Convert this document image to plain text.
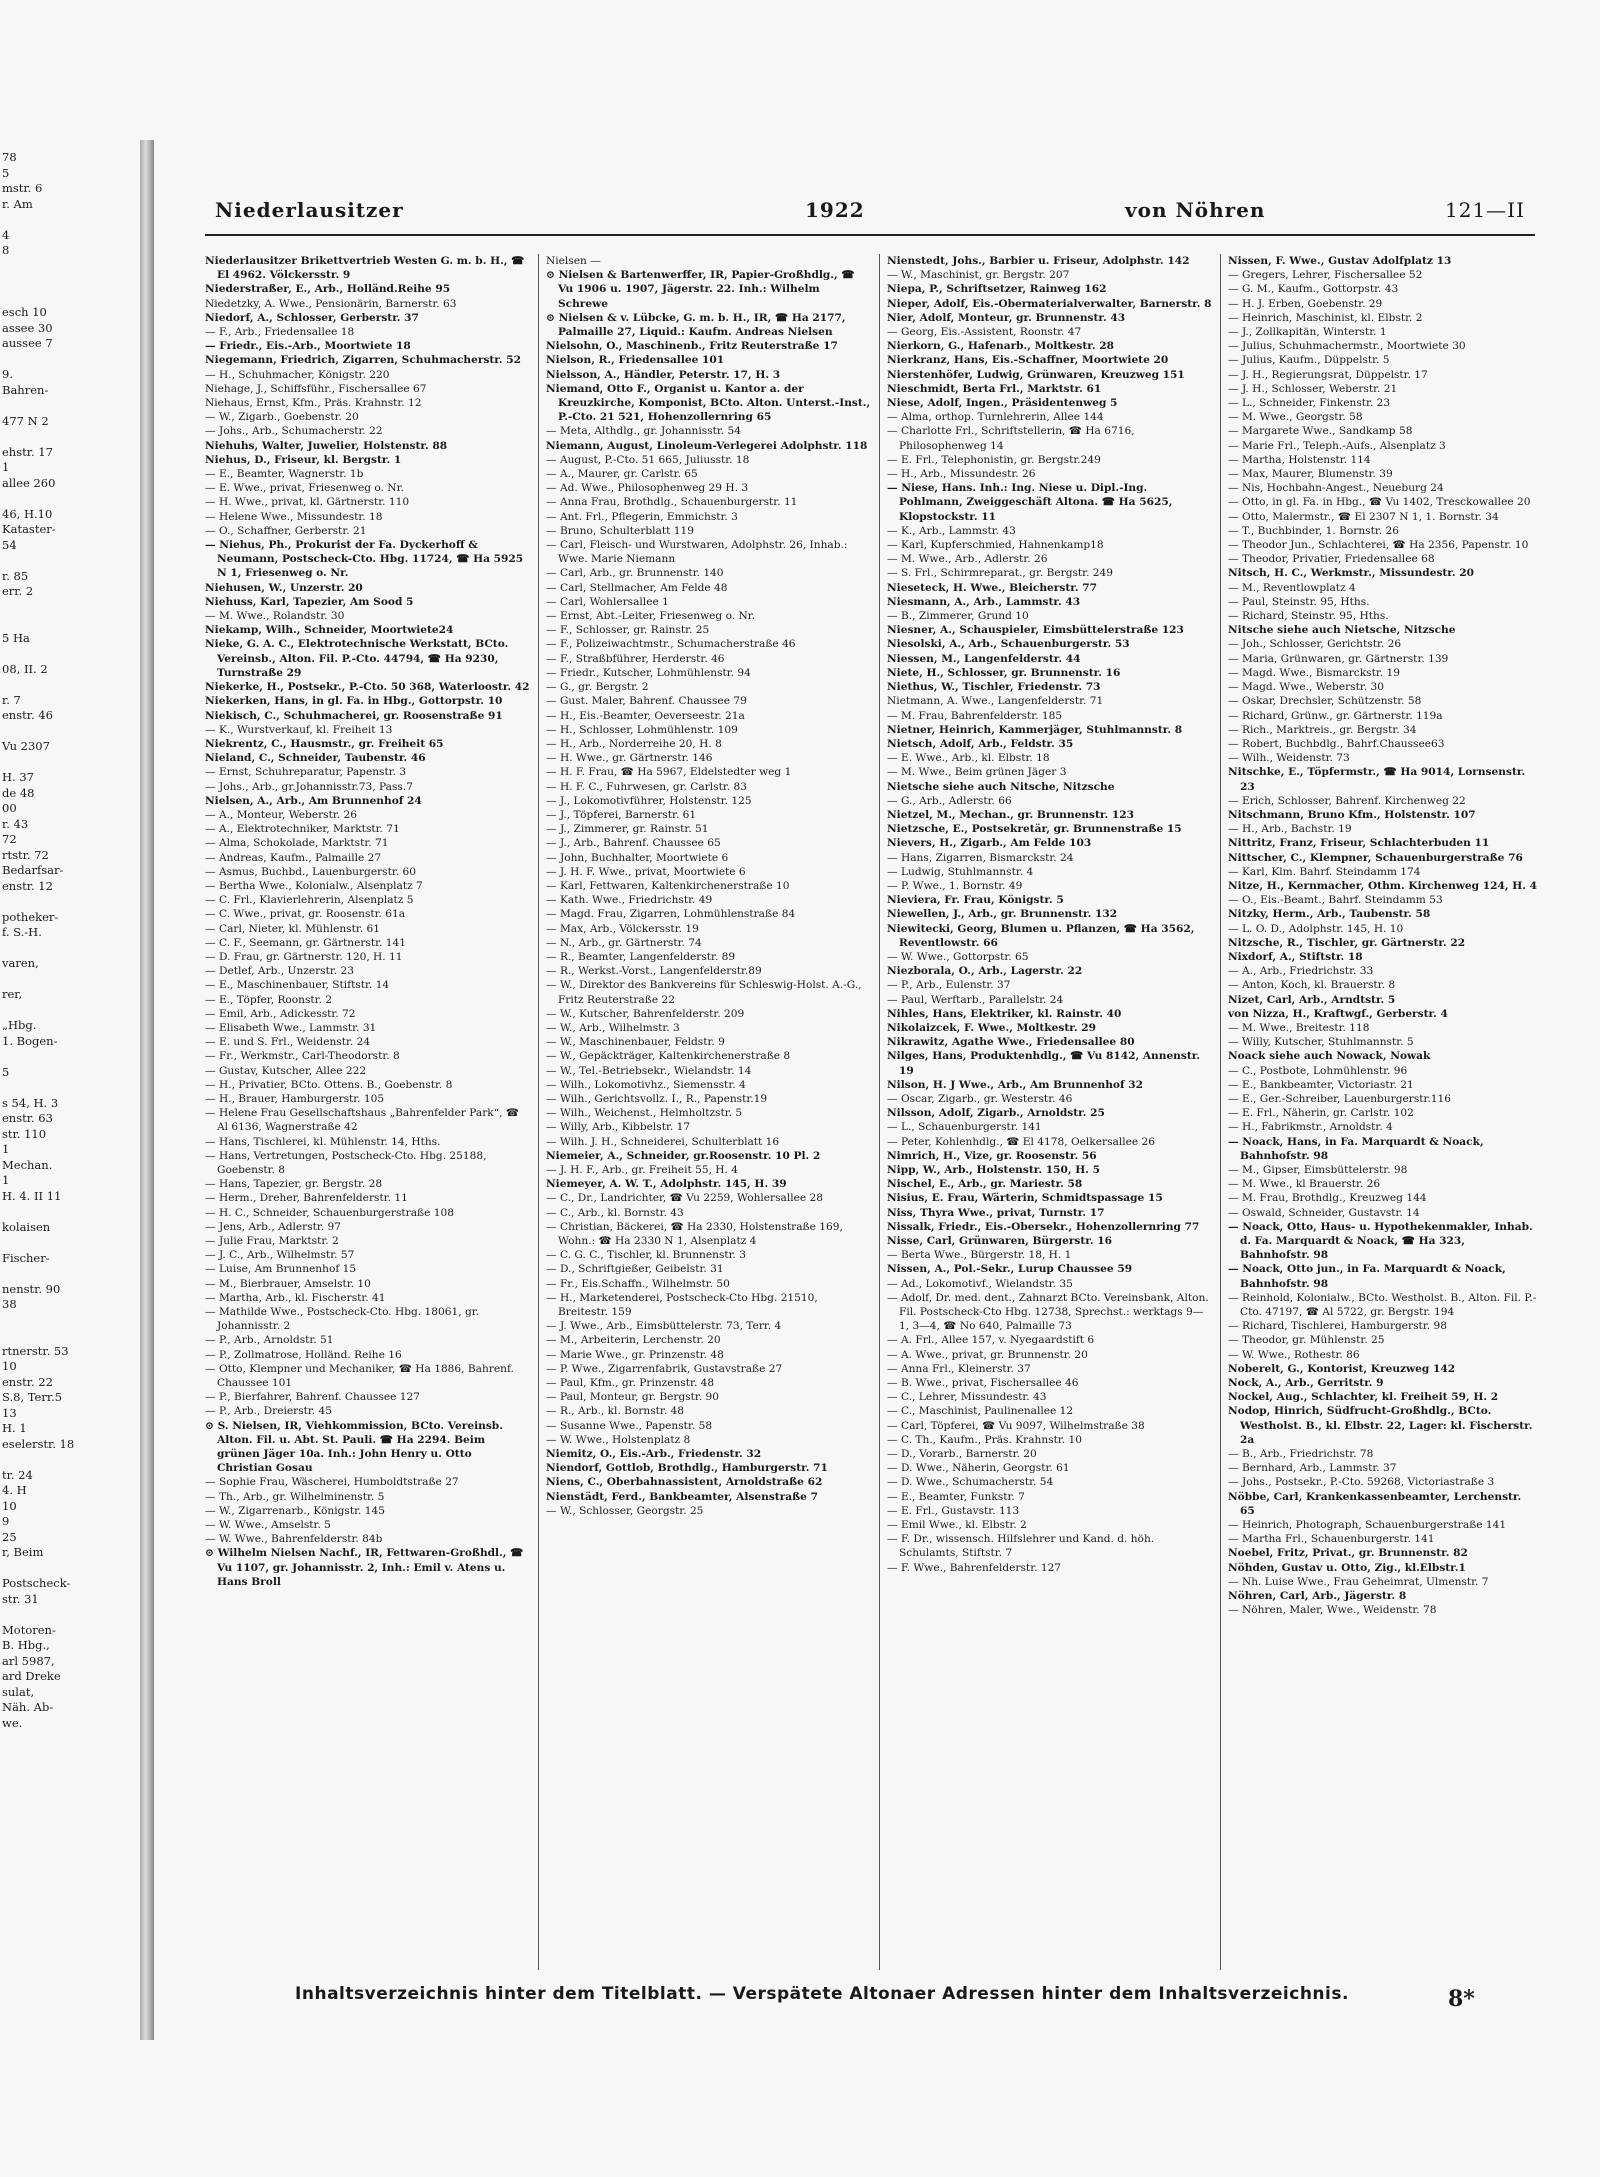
78
5
mstr. 6
r. Am

4
8

esch 10
assee 30
aussee 7

9.
Bahren-

477 N 2

ehstr. 17
1
allee 260

46, H.10
Kataster-
54

r. 85
err. 2

5 Ha

08, II. 2

r. 7
enstr. 46

Vu 2307

H. 37
de 48
00
r. 43
72
rtstr. 72
Bedarfsar-
enstr. 12

potheker-
f. S.-H.

varen,

rer,

„Hbg.
1. Bogen-

5

s 54, H. 3
enstr. 63
str. 110
1
Mechan.
1
H. 4. II 11

kolaisen

Fischer-

nenstr. 90
38

rtnerstr. 53
10
enstr. 22
S.8, Terr.5
13
H. 1
eselerstr. 18

tr. 24
4. H
10
9
25
r, Beim

Postscheck-
str. 31

Motoren-
B. Hbg.,
arl 5987,
ard Dreke
sulat,
Näh. Ab-
we.
Niederlausitzer	1922	von Nöhren	121—II
Niederlausitzer Brikettvertrieb Westen G. m. b. H., ☎ El 4962. Völckersstr. 9
Niederstraßer, E., Arb., Holländ.Reihe 95
Niedetzky, A. Wwe., Pensionärin, Barnerstr. 63
Niedorf, A., Schlosser, Gerberstr. 37
— F., Arb., Friedensallee 18
— Friedr., Eis.-Arb., Moortwiete 18
Niegemann, Friedrich, Zigarren, Schuhmacherstr. 52
— H., Schuhmacher, Königstr. 220
Niehage, J., Schiffsführ., Fischersallee 67
Niehaus, Ernst, Kfm., Präs. Krahnstr. 12
— W., Zigarb., Goebenstr. 20
— Johs., Arb., Schumacherstr. 22
Niehuhs, Walter, Juwelier, Holstenstr. 88
Niehus, D., Friseur, kl. Bergstr. 1
— E., Beamter, Wagnerstr. 1b
— E. Wwe., privat, Friesenweg o. Nr.
— H. Wwe., privat, kl. Gärtnerstr. 110
— Helene Wwe., Missundestr. 18
— O., Schaffner, Gerberstr. 21
— Niehus, Ph., Prokurist der Fa. Dyckerhoff & Neumann, Postscheck-Cto. Hbg. 11724, ☎ Ha 5925 N 1, Friesenweg o. Nr.
Niehusen, W., Unzerstr. 20
Niehuss, Karl, Tapezier, Am Sood 5
— M. Wwe., Rolandstr. 30
Niekamp, Wilh., Schneider, Moortwiete24
Nieke, G. A. C., Elektrotechnische Werkstatt, BCto. Vereinsb., Alton. Fil. P.-Cto. 44794, ☎ Ha 9230, Turnstraße 29
Niekerke, H., Postsekr., P.-Cto. 50 368, Waterloostr. 42
Niekerken, Hans, in gl. Fa. in Hbg., Gottorpstr. 10
Niekisch, C., Schuhmacherei, gr. Roosenstraße 91
— K., Wurstverkauf, kl. Freiheit 13
Niekrentz, C., Hausmstr., gr. Freiheit 65
Nieland, C., Schneider, Taubenstr. 46
— Ernst, Schuhreparatur, Papenstr. 3
— Johs., Arb., gr.Johannisstr.73, Pass.7
Nielsen, A., Arb., Am Brunnenhof 24
— A., Monteur, Weberstr. 26
— A., Elektrotechniker, Marktstr. 71
— Alma, Schokolade, Marktstr. 71
— Andreas, Kaufm., Palmaille 27
— Asmus, Buchbd., Lauenburgerstr. 60
— Bertha Wwe., Kolonialw., Alsenplatz 7
— C. Frl., Klavierlehrerin, Alsenplatz 5
— C. Wwe., privat, gr. Roosenstr. 61a
— Carl, Nieter, kl. Mühlenstr. 61
— C. F., Seemann, gr. Gärtnerstr. 141
— D. Frau, gr. Gärtnerstr. 120, H. 11
— Detlef, Arb., Unzerstr. 23
— E., Maschinenbauer, Stiftstr. 14
— E., Töpfer, Roonstr. 2
— Emil, Arb., Adickesstr. 72
— Elisabeth Wwe., Lammstr. 31
— E. und S. Frl., Weidenstr. 24
— Fr., Werkmstr., Carl-Theodorstr. 8
— Gustav, Kutscher, Allee 222
— H., Privatier, BCto. Ottens. B., Goebenstr. 8
— H., Brauer, Hamburgerstr. 105
— Helene Frau Gesellschaftshaus „Bahrenfelder Park“, ☎ Al 6136, Wagnerstraße 42
— Hans, Tischlerei, kl. Mühlenstr. 14, Hths.
— Hans, Vertretungen, Postscheck-Cto. Hbg. 25188, Goebenstr. 8
— Hans, Tapezier, gr. Bergstr. 28
— Herm., Dreher, Bahrenfelderstr. 11
— H. C., Schneider, Schauenburgerstraße 108
— Jens, Arb., Adlerstr. 97
— Julie Frau, Marktstr. 2
— J. C., Arb., Wilhelmstr. 57
— Luise, Am Brunnenhof 15
— M., Bierbrauer, Amselstr. 10
— Martha, Arb., kl. Fischerstr. 41
— Mathilde Wwe., Postscheck-Cto. Hbg. 18061, gr. Johannisstr. 2
— P., Arb., Arnoldstr. 51
— P., Zollmatrose, Holländ. Reihe 16
— Otto, Klempner und Mechaniker, ☎ Ha 1886, Bahrenf. Chaussee 101
— P., Bierfahrer, Bahrenf. Chaussee 127
— P., Arb., Dreierstr. 45
⊙ S. Nielsen, IR, Viehkommission, BCto. Vereinsb. Alton. Fil. u. Abt. St. Pauli. ☎ Ha 2294. Beim grünen Jäger 10a. Inh.: John Henry u. Otto Christian Gosau
— Sophie Frau, Wäscherei, Humboldtstraße 27
— Th., Arb., gr. Wilhelminenstr. 5
— W., Zigarrenarb., Königstr. 145
— W. Wwe., Amselstr. 5
— W. Wwe., Bahrenfelderstr. 84b
⊙ Wilhelm Nielsen Nachf., IR, Fettwaren-Großhdl., ☎ Vu 1107, gr. Johannisstr. 2, Inh.: Emil v. Atens u. Hans Broll
Nielsen —
⊙ Nielsen & Bartenwerffer, IR, Papier-Großhdlg., ☎ Vu 1906 u. 1907, Jägerstr. 22. Inh.: Wilhelm Schrewe
⊙ Nielsen & v. Lübcke, G. m. b. H., IR, ☎ Ha 2177, Palmaille 27, Liquid.: Kaufm. Andreas Nielsen
Nielsohn, O., Maschinenb., Fritz Reuterstraße 17
Nielson, R., Friedensallee 101
Nielsson, A., Händler, Peterstr. 17, H. 3
Niemand, Otto F., Organist u. Kantor a. der Kreuzkirche, Komponist, BCto. Alton. Unterst.-Inst., P.-Cto. 21 521, Hohenzollernring 65
— Meta, Althdlg., gr. Johannisstr. 54
Niemann, August, Linoleum-Verlegerei Adolphstr. 118
— August, P.-Cto. 51 665, Juliusstr. 18
— A., Maurer, gr. Carlstr. 65
— Ad. Wwe., Philosophenweg 29 H. 3
— Anna Frau, Brothdlg., Schauenburgerstr. 11
— Ant. Frl., Pflegerin, Emmichstr. 3
— Bruno, Schulterblatt 119
— Carl, Fleisch- und Wurstwaren, Adolphstr. 26, Inhab.: Wwe. Marie Niemann
— Carl, Arb., gr. Brunnenstr. 140
— Carl, Stellmacher, Am Felde 48
— Carl, Wohlersallee 1
— Ernst, Abt.-Leiter, Friesenweg o. Nr.
— F., Schlosser, gr. Rainstr. 25
— F., Polizeiwachtmstr., Schumacherstraße 46
— F., Straßbführer, Herderstr. 46
— Friedr., Kutscher, Lohmühlenstr. 94
— G., gr. Bergstr. 2
— Gust. Maler, Bahrenf. Chaussee 79
— H., Eis.-Beamter, Oeverseestr. 21a
— H., Schlosser, Lohmühlenstr. 109
— H., Arb., Norderreihe 20, H. 8
— H. Wwe., gr. Gärtnerstr. 146
— H. F. Frau, ☎ Ha 5967, Eldelstedter weg 1
— H. F. C., Fuhrwesen, gr. Carlstr. 83
— J., Lokomotivführer, Holstenstr. 125
— J., Töpferei, Barnerstr. 61
— J., Zimmerer, gr. Rainstr. 51
— J., Arb., Bahrenf. Chaussee 65
— John, Buchhalter, Moortwiete 6
— J. H. F. Wwe., privat, Moortwiete 6
— Karl, Fettwaren, Kaltenkirchenerstraße 10
— Kath. Wwe., Friedrichstr. 49
— Magd. Frau, Zigarren, Lohmühlenstraße 84
— Max, Arb., Völckersstr. 19
— N., Arb., gr. Gärtnerstr. 74
— R., Beamter, Langenfelderstr. 89
— R., Werkst.-Vorst., Langenfelderstr.89
— W., Direktor des Bankvereins für Schleswig-Holst. A.-G., Fritz Reuterstraße 22
— W., Kutscher, Bahrenfelderstr. 209
— W., Arb., Wilhelmstr. 3
— W., Maschinenbauer, Feldstr. 9
— W., Gepäckträger, Kaltenkirchenerstraße 8
— W., Tel.-Betriebsekr., Wielandstr. 14
— Wilh., Lokomotivhz., Siemensstr. 4
— Wilh., Gerichtsvollz. I., R., Papenstr.19
— Wilh., Weichenst., Helmholtzstr. 5
— Willy, Arb., Kibbelstr. 17
— Wilh. J. H., Schneiderei, Schulterblatt 16
Niemeier, A., Schneider, gr.Roosenstr. 10 Pl. 2
— J. H. F., Arb., gr. Freiheit 55, H. 4
Niemeyer, A. W. T., Adolphstr. 145, H. 39
— C., Dr., Landrichter, ☎ Vu 2259, Wohlersallee 28
— C., Arb., kl. Bornstr. 43
— Christian, Bäckerei, ☎ Ha 2330, Holstenstraße 169, Wohn.: ☎ Ha 2330 N 1, Alsenplatz 4
— C. G. C., Tischler, kl. Brunnenstr. 3
— D., Schriftgießer, Geibelstr. 31
— Fr., Eis.Schaffn., Wilhelmstr. 50
— H., Marketenderei, Postscheck-Cto Hbg. 21510, Breitestr. 159
— J. Wwe., Arb., Eimsbüttelerstr. 73, Terr. 4
— M., Arbeiterin, Lerchenstr. 20
— Marie Wwe., gr. Prinzenstr. 48
— P. Wwe., Zigarrenfabrik, Gustavstraße 27
— Paul, Kfm., gr. Prinzenstr. 48
— Paul, Monteur, gr. Bergstr. 90
— R., Arb., kl. Bornstr. 48
— Susanne Wwe., Papenstr. 58
— W. Wwe., Holstenplatz 8
Niemitz, O., Eis.-Arb., Friedenstr. 32
Niendorf, Gottlob, Brothdlg., Hamburgerstr. 71
Niens, C., Oberbahnassistent, Arnoldstraße 62
Nienstädt, Ferd., Bankbeamter, Alsenstraße 7
— W., Schlosser, Georgstr. 25
Nienstedt, Johs., Barbier u. Friseur, Adolphstr. 142
— W., Maschinist, gr. Bergstr. 207
Niepa, P., Schriftsetzer, Rainweg 162
Nieper, Adolf, Eis.-Obermaterialverwalter, Barnerstr. 8
Nier, Adolf, Monteur, gr. Brunnenstr. 43
— Georg, Eis.-Assistent, Roonstr. 47
Nierkorn, G., Hafenarb., Moltkestr. 28
Nierkranz, Hans, Eis.-Schaffner, Moortwiete 20
Nierstenhöfer, Ludwig, Grünwaren, Kreuzweg 151
Nieschmidt, Berta Frl., Marktstr. 61
Niese, Adolf, Ingen., Präsidentenweg 5
— Alma, orthop. Turnlehrerin, Allee 144
— Charlotte Frl., Schriftstellerin, ☎ Ha 6716, Philosophenweg 14
— E. Frl., Telephonistin, gr. Bergstr.249
— H., Arb., Missundestr. 26
— Niese, Hans. Inh.: Ing. Niese u. Dipl.-Ing. Pohlmann, Zweiggeschäft Altona. ☎ Ha 5625, Klopstockstr. 11
— K., Arb., Lammstr. 43
— Karl, Kupferschmied, Hahnenkamp18
— M. Wwe., Arb., Adlerstr. 26
— S. Frl., Schirmreparat., gr. Bergstr. 249
Nieseteck, H. Wwe., Bleicherstr. 77
Niesmann, A., Arb., Lammstr. 43
— B., Zimmerer, Grund 10
Niesner, A., Schauspieler, Eimsbüttelerstraße 123
Niesolski, A., Arb., Schauenburgerstr. 53
Niessen, M., Langenfelderstr. 44
Niete, H., Schlosser, gr. Brunnenstr. 16
Niethus, W., Tischler, Friedenstr. 73
Nietmann, A. Wwe., Langenfelderstr. 71
— M. Frau, Bahrenfelderstr. 185
Nietner, Heinrich, Kammerjäger, Stuhlmannstr. 8
Nietsch, Adolf, Arb., Feldstr. 35
— E. Wwe., Arb., kl. Elbstr. 18
— M. Wwe., Beim grünen Jäger 3
Nietsche siehe auch Nitsche, Nitzsche
— G., Arb., Adlerstr. 66
Nietzel, M., Mechan., gr. Brunnenstr. 123
Nietzsche, E., Postsekretär, gr. Brunnenstraße 15
Nievers, H., Zigarb., Am Felde 103
— Hans, Zigarren, Bismarckstr. 24
— Ludwig, Stuhlmannstr. 4
— P. Wwe., 1. Bornstr. 49
Nieviera, Fr. Frau, Königstr. 5
Niewellen, J., Arb., gr. Brunnenstr. 132
Niewitecki, Georg, Blumen u. Pflanzen, ☎ Ha 3562, Reventlowstr. 66
— W. Wwe., Gottorpstr. 65
Niezborala, O., Arb., Lagerstr. 22
— P., Arb., Eulenstr. 37
— Paul, Werftarb., Parallelstr. 24
Nihles, Hans, Elektriker, kl. Rainstr. 40
Nikolaizcek, F. Wwe., Moltkestr. 29
Nikrawitz, Agathe Wwe., Friedensallee 80
Nilges, Hans, Produktenhdlg., ☎ Vu 8142, Annenstr. 19
Nilson, H. J Wwe., Arb., Am Brunnenhof 32
— Oscar, Zigarb., gr. Westerstr. 46
Nilsson, Adolf, Zigarb., Arnoldstr. 25
— L., Schauenburgerstr. 141
— Peter, Kohlenhdlg., ☎ El 4178, Oelkersallee 26
Nimrich, H., Vize, gr. Roosenstr. 56
Nipp, W., Arb., Holstenstr. 150, H. 5
Nischel, E., Arb., gr. Mariestr. 58
Nisius, E. Frau, Wärterin, Schmidtspassage 15
Niss, Thyra Wwe., privat, Turnstr. 17
Nissalk, Friedr., Eis.-Obersekr., Hohenzollernring 77
Nisse, Carl, Grünwaren, Bürgerstr. 16
— Berta Wwe., Bürgerstr. 18, H. 1
Nissen, A., Pol.-Sekr., Lurup Chaussee 59
— Ad., Lokomotivf., Wielandstr. 35
— Adolf, Dr. med. dent., Zahnarzt BCto. Vereinsbank, Alton. Fil. Postscheck-Cto Hbg. 12738, Sprechst.: werktags 9—1, 3—4, ☎ No 640, Palmaille 73
— A. Frl., Allee 157, v. Nyegaardstift 6
— A. Wwe., privat, gr. Brunnenstr. 20
— Anna Frl., Kleinerstr. 37
— B. Wwe., privat, Fischersallee 46
— C., Lehrer, Missundestr. 43
— C., Maschinist, Paulinenallee 12
— Carl, Töpferei, ☎ Vu 9097, Wilhelmstraße 38
— C. Th., Kaufm., Präs. Krahnstr. 10
— D., Vorarb., Barnerstr. 20
— D. Wwe., Näherin, Georgstr. 61
— D. Wwe., Schumacherstr. 54
— E., Beamter, Funkstr. 7
— E. Frl., Gustavstr. 113
— Emil Wwe., kl. Elbstr. 2
— F. Dr., wissensch. Hilfslehrer und Kand. d. höh. Schulamts, Stiftstr. 7
— F. Wwe., Bahrenfelderstr. 127
Nissen, F. Wwe., Gustav Adolfplatz 13
— Gregers, Lehrer, Fischersallee 52
— G. M., Kaufm., Gottorpstr. 43
— H. J. Erben, Goebenstr. 29
— Heinrich, Maschinist, kl. Elbstr. 2
— J., Zollkapitän, Winterstr. 1
— Julius, Schuhmachermstr., Moortwiete 30
— Julius, Kaufm., Düppelstr. 5
— J. H., Regierungsrat, Düppelstr. 17
— J. H., Schlosser, Weberstr. 21
— L., Schneider, Finkenstr. 23
— M. Wwe., Georgstr. 58
— Margarete Wwe., Sandkamp 58
— Marie Frl., Teleph.-Aufs., Alsenplatz 3
— Martha, Holstenstr. 114
— Max, Maurer, Blumenstr. 39
— Nis, Hochbahn-Angest., Neueburg 24
— Otto, in gl. Fa. in Hbg., ☎ Vu 1402, Tresckowallee 20
— Otto, Malermstr., ☎ El 2307 N 1, 1. Bornstr. 34
— T., Buchbinder, 1. Bornstr. 26
— Theodor Jun., Schlachterei, ☎ Ha 2356, Papenstr. 10
— Theodor, Privatier, Friedensallee 68
Nitsch, H. C., Werkmstr., Missundestr. 20
— M., Reventlowplatz 4
— Paul, Steinstr. 95, Hths.
— Richard, Steinstr. 95, Hths.
Nitsche siehe auch Nietsche, Nitzsche
— Joh., Schlosser, Gerichtstr. 26
— Maria, Grünwaren, gr. Gärtnerstr. 139
— Magd. Wwe., Bismarckstr. 19
— Magd. Wwe., Weberstr. 30
— Oskar, Drechsler, Schützenstr. 58
— Richard, Grünw., gr. Gärtnerstr. 119a
— Rich., Marktreis., gr. Bergstr. 34
— Robert, Buchbdlg., Bahrf.Chaussee63
— Wilh., Weidenstr. 73
Nitschke, E., Töpfermstr., ☎ Ha 9014, Lornsenstr. 23
— Erich, Schlosser, Bahrenf. Kirchenweg 22
Nitschmann, Bruno Kfm., Holstenstr. 107
— H., Arb., Bachstr. 19
Nittritz, Franz, Friseur, Schlachterbuden 11
Nittscher, C., Klempner, Schauenburgerstraße 76
— Karl, Klm. Bahrf. Steindamm 174
Nitze, H., Kernmacher, Othm. Kirchenweg 124, H. 4
— O., Eis.-Beamt., Bahrf. Steindamm 53
Nitzky, Herm., Arb., Taubenstr. 58
— L. O. D., Adolphstr. 145, H. 10
Nitzsche, R., Tischler, gr. Gärtnerstr. 22
Nixdorf, A., Stiftstr. 18
— A., Arb., Friedrichstr. 33
— Anton, Koch, kl. Brauerstr. 8
Nizet, Carl, Arb., Arndtstr. 5
von Nizza, H., Kraftwgf., Gerberstr. 4
— M. Wwe., Breitestr. 118
— Willy, Kutscher, Stuhlmannstr. 5
Noack siehe auch Nowack, Nowak
— C., Postbote, Lohmühlenstr. 96
— E., Bankbeamter, Victoriastr. 21
— E., Ger.-Schreiber, Lauenburgerstr.116
— E. Frl., Näherin, gr. Carlstr. 102
— H., Fabrikmstr., Arnoldstr. 4
— Noack, Hans, in Fa. Marquardt & Noack, Bahnhofstr. 98
— M., Gipser, Eimsbüttelerstr. 98
— M. Wwe., kl Brauerstr. 26
— M. Frau, Brothdlg., Kreuzweg 144
— Oswald, Schneider, Gustavstr. 14
— Noack, Otto, Haus- u. Hypothekenmakler, Inhab. d. Fa. Marquardt & Noack, ☎ Ha 323, Bahnhofstr. 98
— Noack, Otto jun., in Fa. Marquardt & Noack, Bahnhofstr. 98
— Reinhold, Kolonialw., BCto. Westholst. B., Alton. Fil. P.-Cto. 47197, ☎ Al 5722, gr. Bergstr. 194
— Richard, Tischlerei, Hamburgerstr. 98
— Theodor, gr. Mühlenstr. 25
— W. Wwe., Rothestr. 86
Noberelt, G., Kontorist, Kreuzweg 142
Nock, A., Arb., Gerritstr. 9
Nockel, Aug., Schlachter, kl. Freiheit 59, H. 2
Nodop, Hinrich, Südfrucht-Großhdlg., BCto. Westholst. B., kl. Elbstr. 22, Lager: kl. Fischerstr. 2a
— B., Arb., Friedrichstr. 78
— Bernhard, Arb., Lammstr. 37
— Johs., Postsekr., P.-Cto. 59268, Victoriastraße 3
Nöbbe, Carl, Krankenkassenbeamter, Lerchenstr. 65
— Heinrich, Photograph, Schauenburgerstraße 141
— Martha Frl., Schauenburgerstr. 141
Noebel, Fritz, Privat., gr. Brunnenstr. 82
Nöhden, Gustav u. Otto, Zig., kl.Elbstr.1
— Nh. Luise Wwe., Frau Geheimrat, Ulmenstr. 7
Nöhren, Carl, Arb., Jägerstr. 8
— Nöhren, Maler, Wwe., Weidenstr. 78
Inhaltsverzeichnis hinter dem Titelblatt. — Verspätete Altonaer Adressen hinter dem Inhaltsverzeichnis.	8*
